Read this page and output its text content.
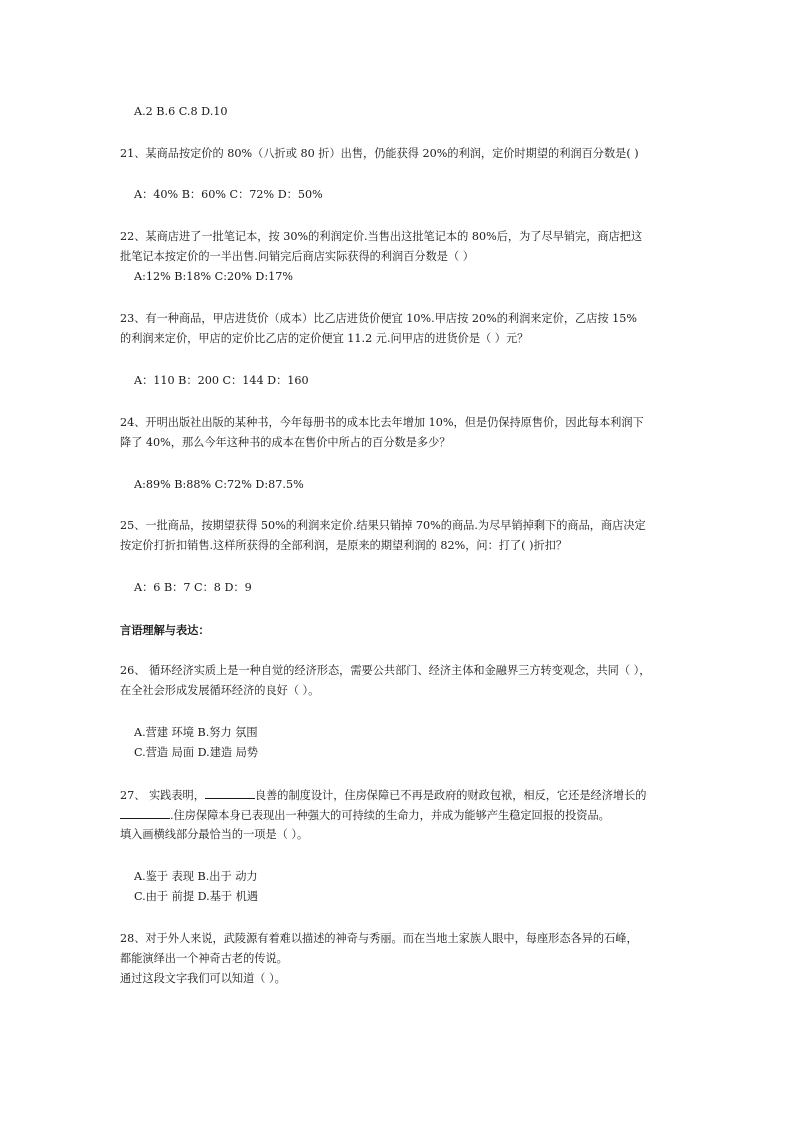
A.2 B.6 C.8 D.10
21、某商品按定价的 80%（八折或 80 折）出售，仍能获得 20%的利润，定价时期望的利润百分数是( )
A：40% B：60% C：72% D：50%
22、某商店进了一批笔记本，按 30%的利润定价.当售出这批笔记本的 80%后，为了尽早销完，商店把这
批笔记本按定价的一半出售.问销完后商店实际获得的利润百分数是（ ）
A:12% B:18% C:20% D:17%
23、有一种商品，甲店进货价（成本）比乙店进货价便宜 10%.甲店按 20%的利润来定价，乙店按 15%
的利润来定价，甲店的定价比乙店的定价便宜 11.2 元.问甲店的进货价是（ ）元？
A：110 B：200 C：144 D：160
24、开明出版社出版的某种书，今年每册书的成本比去年增加 10%，但是仍保持原售价，因此每本利润下
降了 40%，那么今年这种书的成本在售价中所占的百分数是多少？
A:89% B:88% C:72% D:87.5%
25、一批商品，按期望获得 50%的利润来定价.结果只销掉 70%的商品.为尽早销掉剩下的商品，商店决定
按定价打折扣销售.这样所获得的全部利润，是原来的期望利润的 82%，问：打了( )折扣？
A：6 B：7 C：8 D：9
言语理解与表达：
26、 循环经济实质上是一种自觉的经济形态，需要公共部门、经济主体和金融界三方转变观念，共同（ ），
在全社会形成发展循环经济的良好（ ）。
A.营建 环境 B.努力 氛围
C.营造 局面 D.建造 局势
27、 实践表明，	良善的制度设计，住房保障已不再是政府的财政包袱，相反，它还是经济增长的
.住房保障本身已表现出一种强大的可持续的生命力，并成为能够产生稳定回报的投资品。
填入画横线部分最恰当的一项是（ ）。
A.鉴于 表现 B.出于 动力
C.由于 前提 D.基于 机遇
28、对于外人来说，武陵源有着难以描述的神奇与秀丽。而在当地土家族人眼中，每座形态各异的石峰，
都能演绎出一个神奇古老的传说。
通过这段文字我们可以知道（ ）。
